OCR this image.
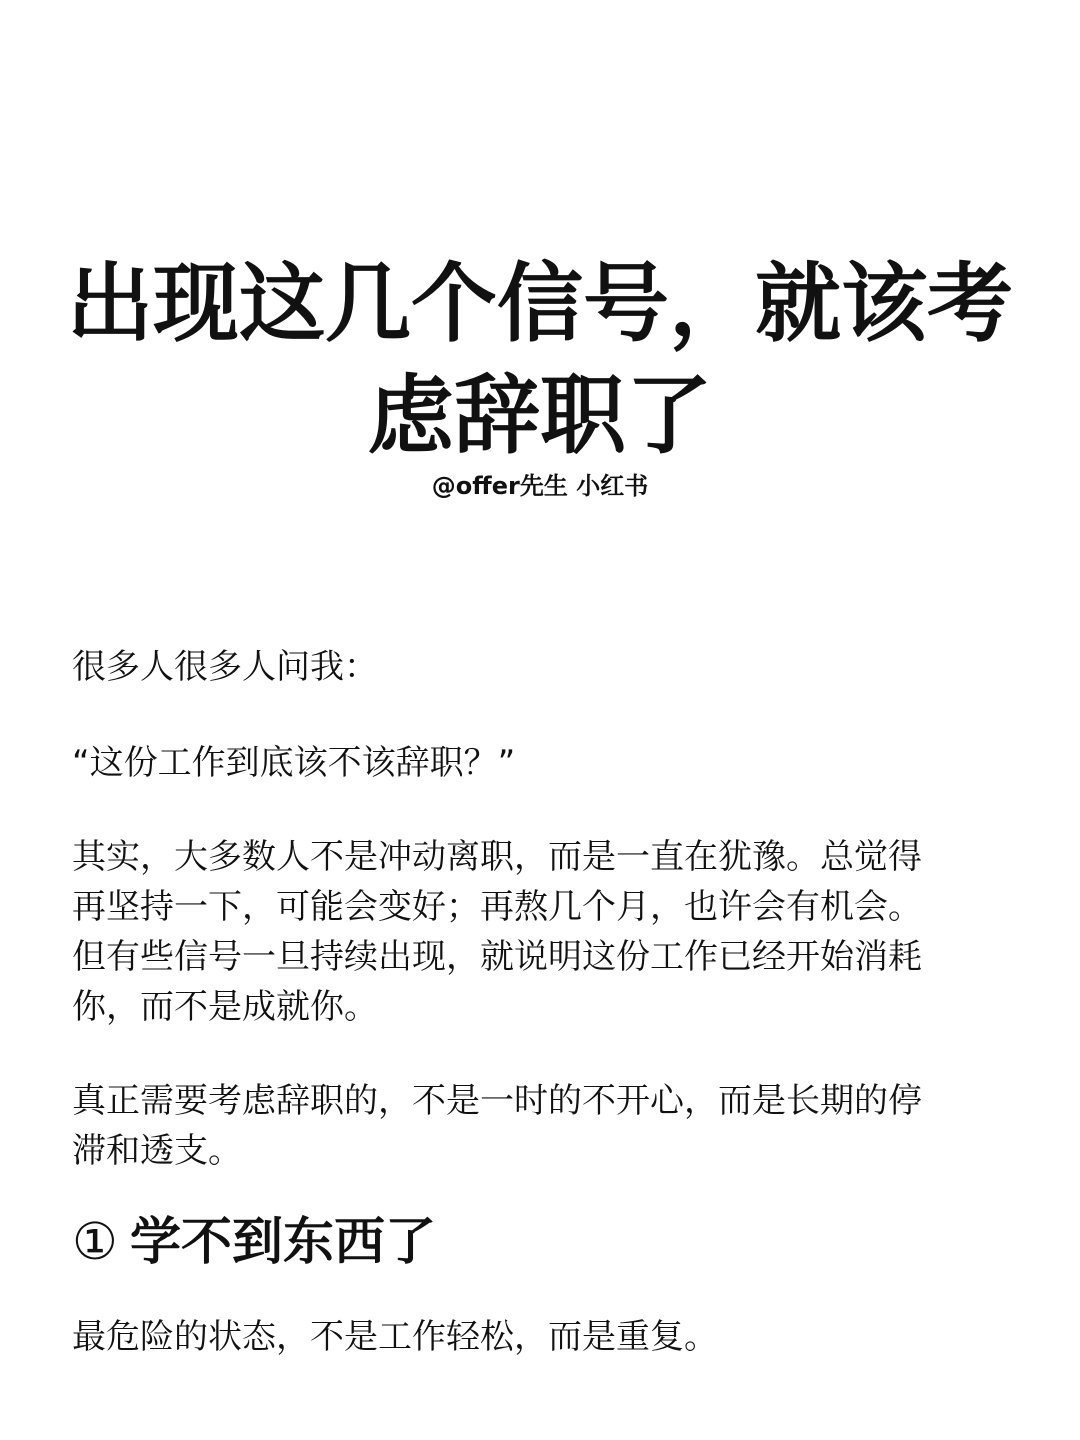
出现这几个信号，就该考
虑辞职了
@offer先生 小红书

很多人很多人问我：

“这份工作到底该不该辞职？”

其实，大多数人不是冲动离职，而是一直在犹豫。总觉得
再坚持一下，可能会变好；再熬几个月，也许会有机会。
但有些信号一旦持续出现，就说明这份工作已经开始消耗
你，而不是成就你。

真正需要考虑辞职的，不是一时的不开心，而是长期的停
滞和透支。

① 学不到东西了

最危险的状态，不是工作轻松，而是重复。
